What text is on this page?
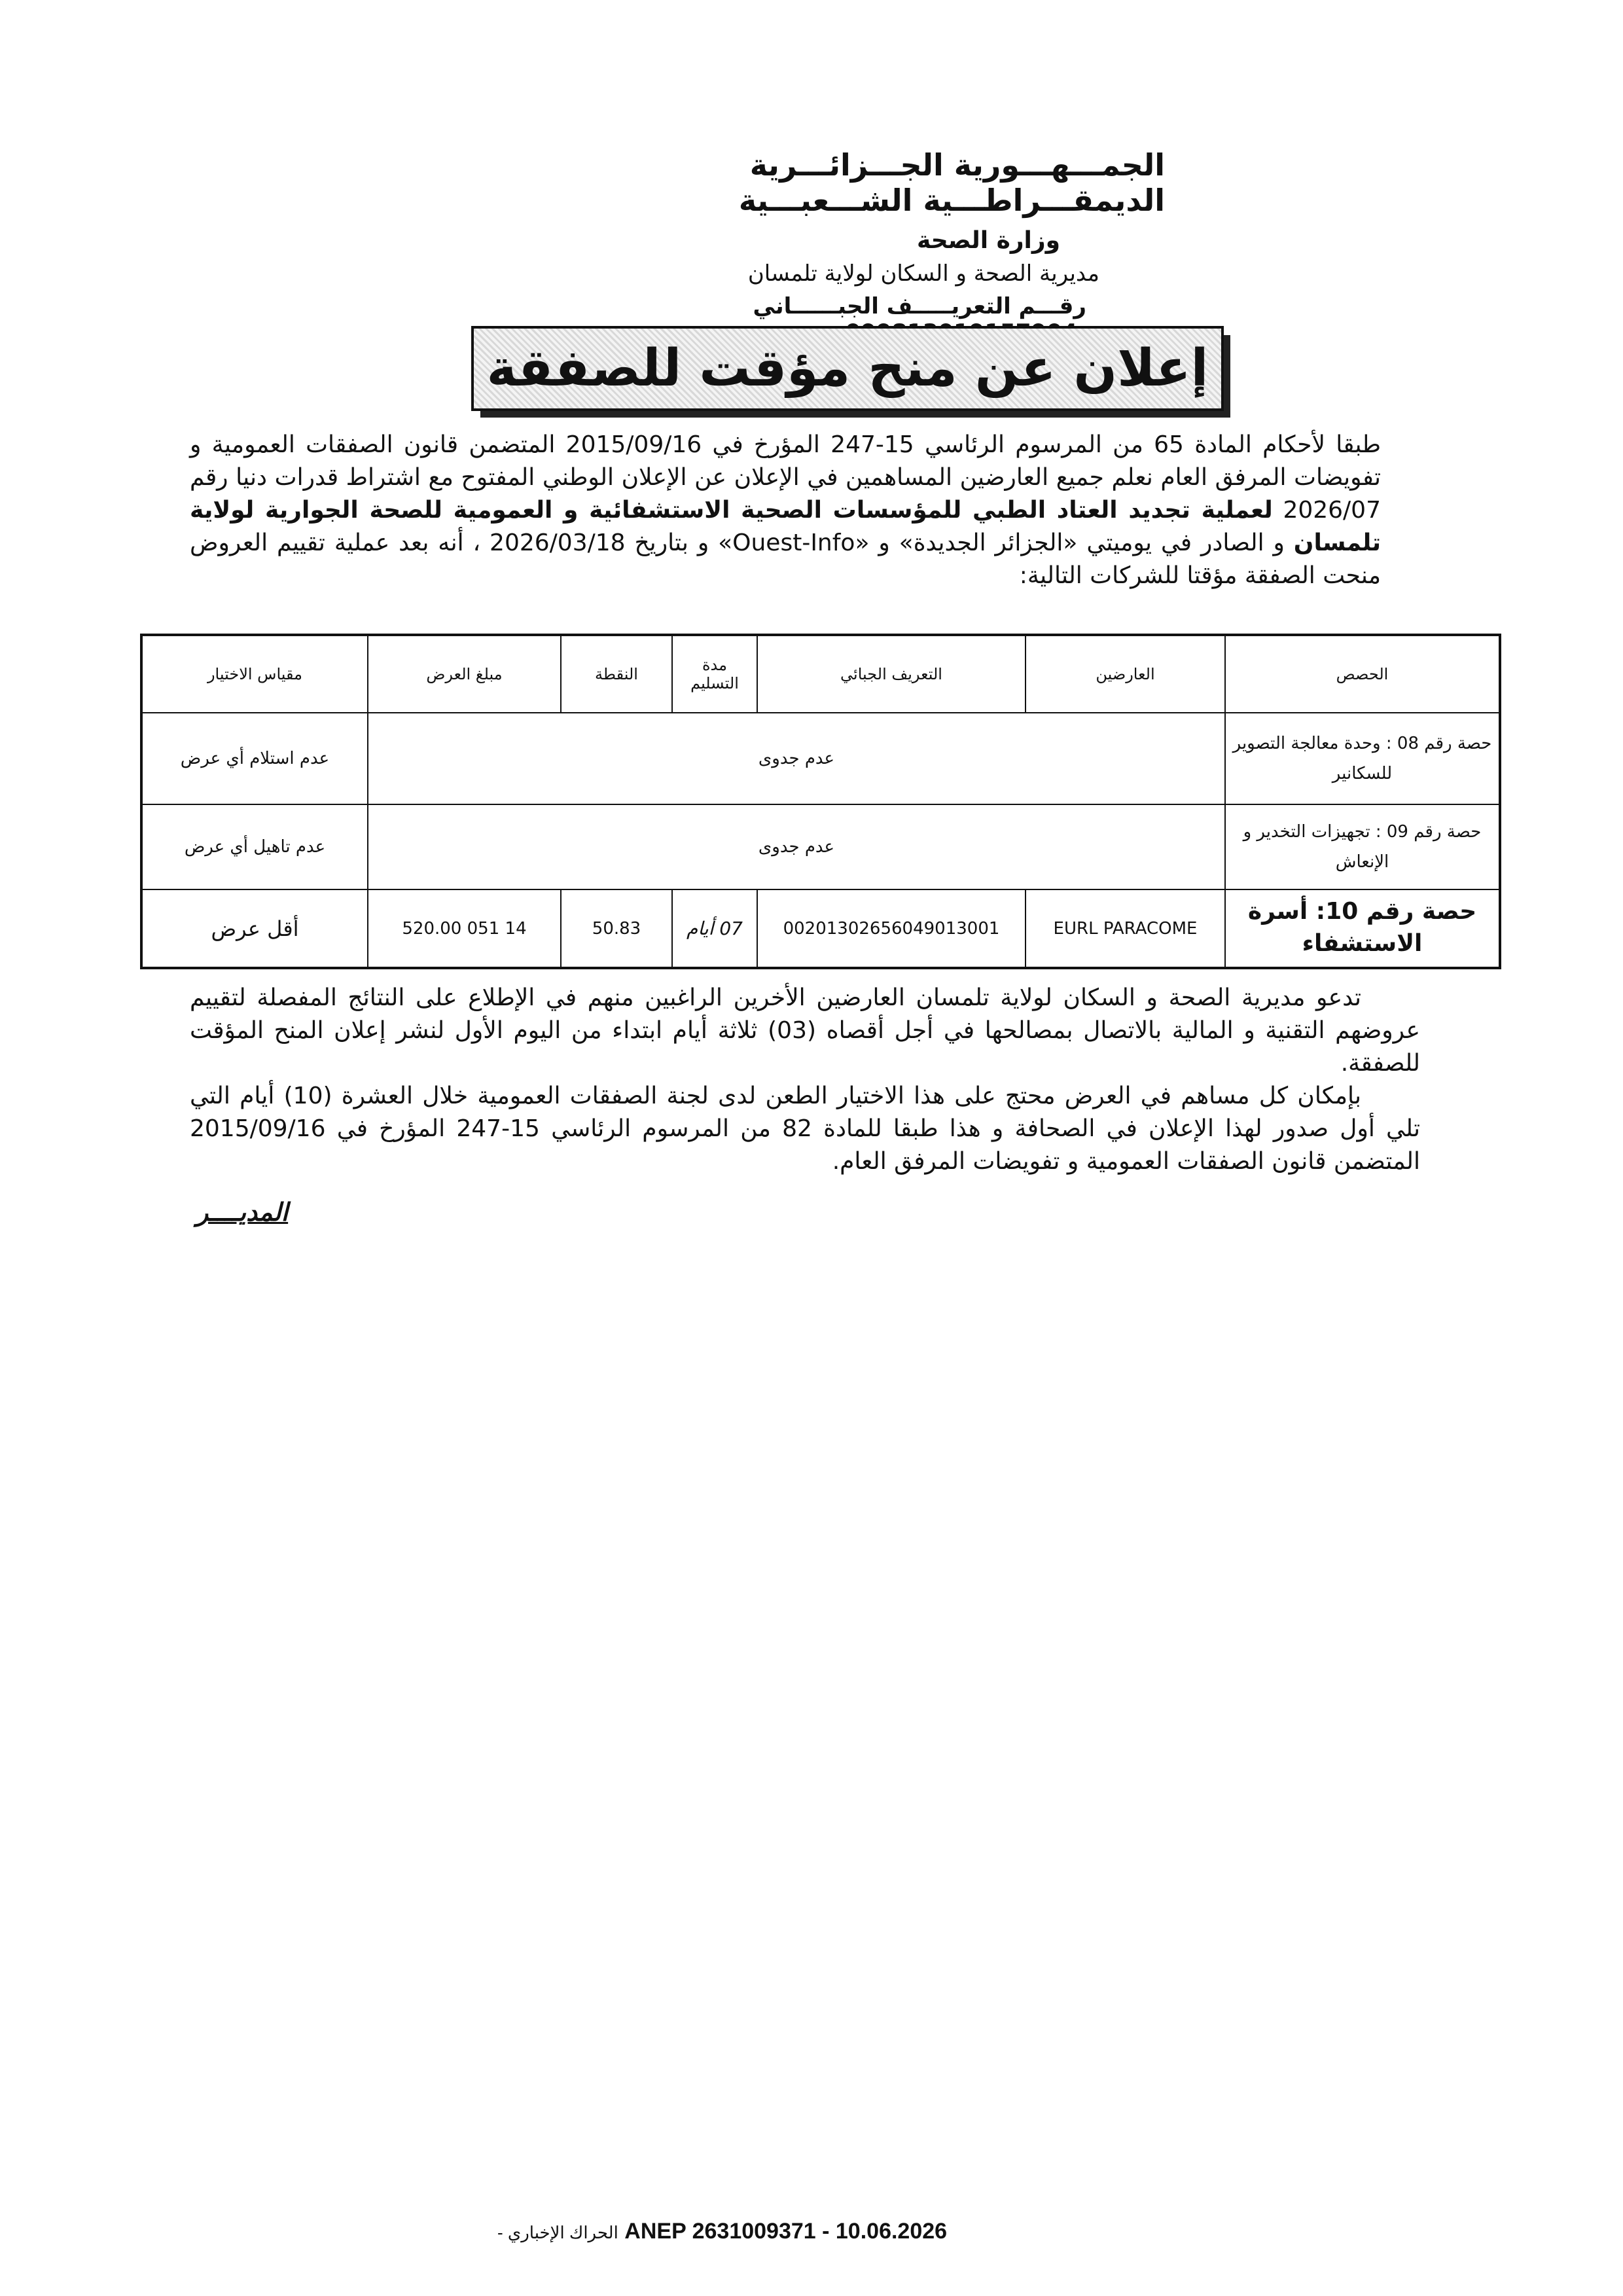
الجمـــهـــورية الجـــزائـــرية الديمقـــراطـــية الشـــعبـــية
وزارة الصحة
مديرية الصحة و السكان لولاية تلمسان
رقـــم التعريـــــف الجبــــــاني
إعلان عن منح مؤقت للصفقة
طبقا لأحكام المادة 65 من المرسوم الرئاسي 15-247 المؤرخ في 2015/09/16 المتضمن قانون الصفقات العمومية و تفويضات المرفق العام نعلم جميع العارضين المساهمين في الإعلان عن الإعلان الوطني المفتوح مع اشتراط قدرات دنيا رقم 2026/07 لعملية تجديد العتاد الطبي للمؤسسات الصحية الاستشفائية و العمومية للصحة الجوارية لولاية تلمسان و الصادر في يوميتي «الجزائر الجديدة» و «Ouest-Info» و بتاريخ 2026/03/18 ، أنه بعد عملية تقييم العروض منحت الصفقة مؤقتا للشركات التالية:
الحصص	العارضين	التعريف الجبائي	مدة التسليم	النقطة	مبلغ العرض	مقياس الاختيار
حصة رقم 08 : وحدة معالجة التصوير للسكانير	عدم جدوى					عدم استلام أي عرض
حصة رقم 09 : تجهيزات التخدير و الإنعاش	عدم جدوى					عدم تاهيل أي عرض
حصة رقم 10: أسرة الاستشفاء	EURL PARACOME	00201302656049013001	07 أيام	50.83	14 051 520.00	أقل عرض

تدعو مديرية الصحة و السكان لولاية تلمسان العارضين الأخرين الراغبين منهم في الإطلاع على النتائج المفصلة لتقييم عروضهم التقنية و المالية بالاتصال بمصالحها في أجل أقصاه (03) ثلاثة أيام ابتداء من اليوم الأول لنشر إعلان المنح المؤقت للصفقة.

بإمكان كل مساهم في العرض محتج على هذا الاختيار الطعن لدى لجنة الصفقات العمومية خلال العشرة (10) أيام التي تلي أول صدور لهذا الإعلان في الصحافة و هذا طبقا للمادة 82 من المرسوم الرئاسي 15-247 المؤرخ في 2015/09/16 المتضمن قانون الصفقات العمومية و تفويضات المرفق العام.

المديــــر
الحراك الإخباري - ANEP 2631009371 - 10.06.2026
